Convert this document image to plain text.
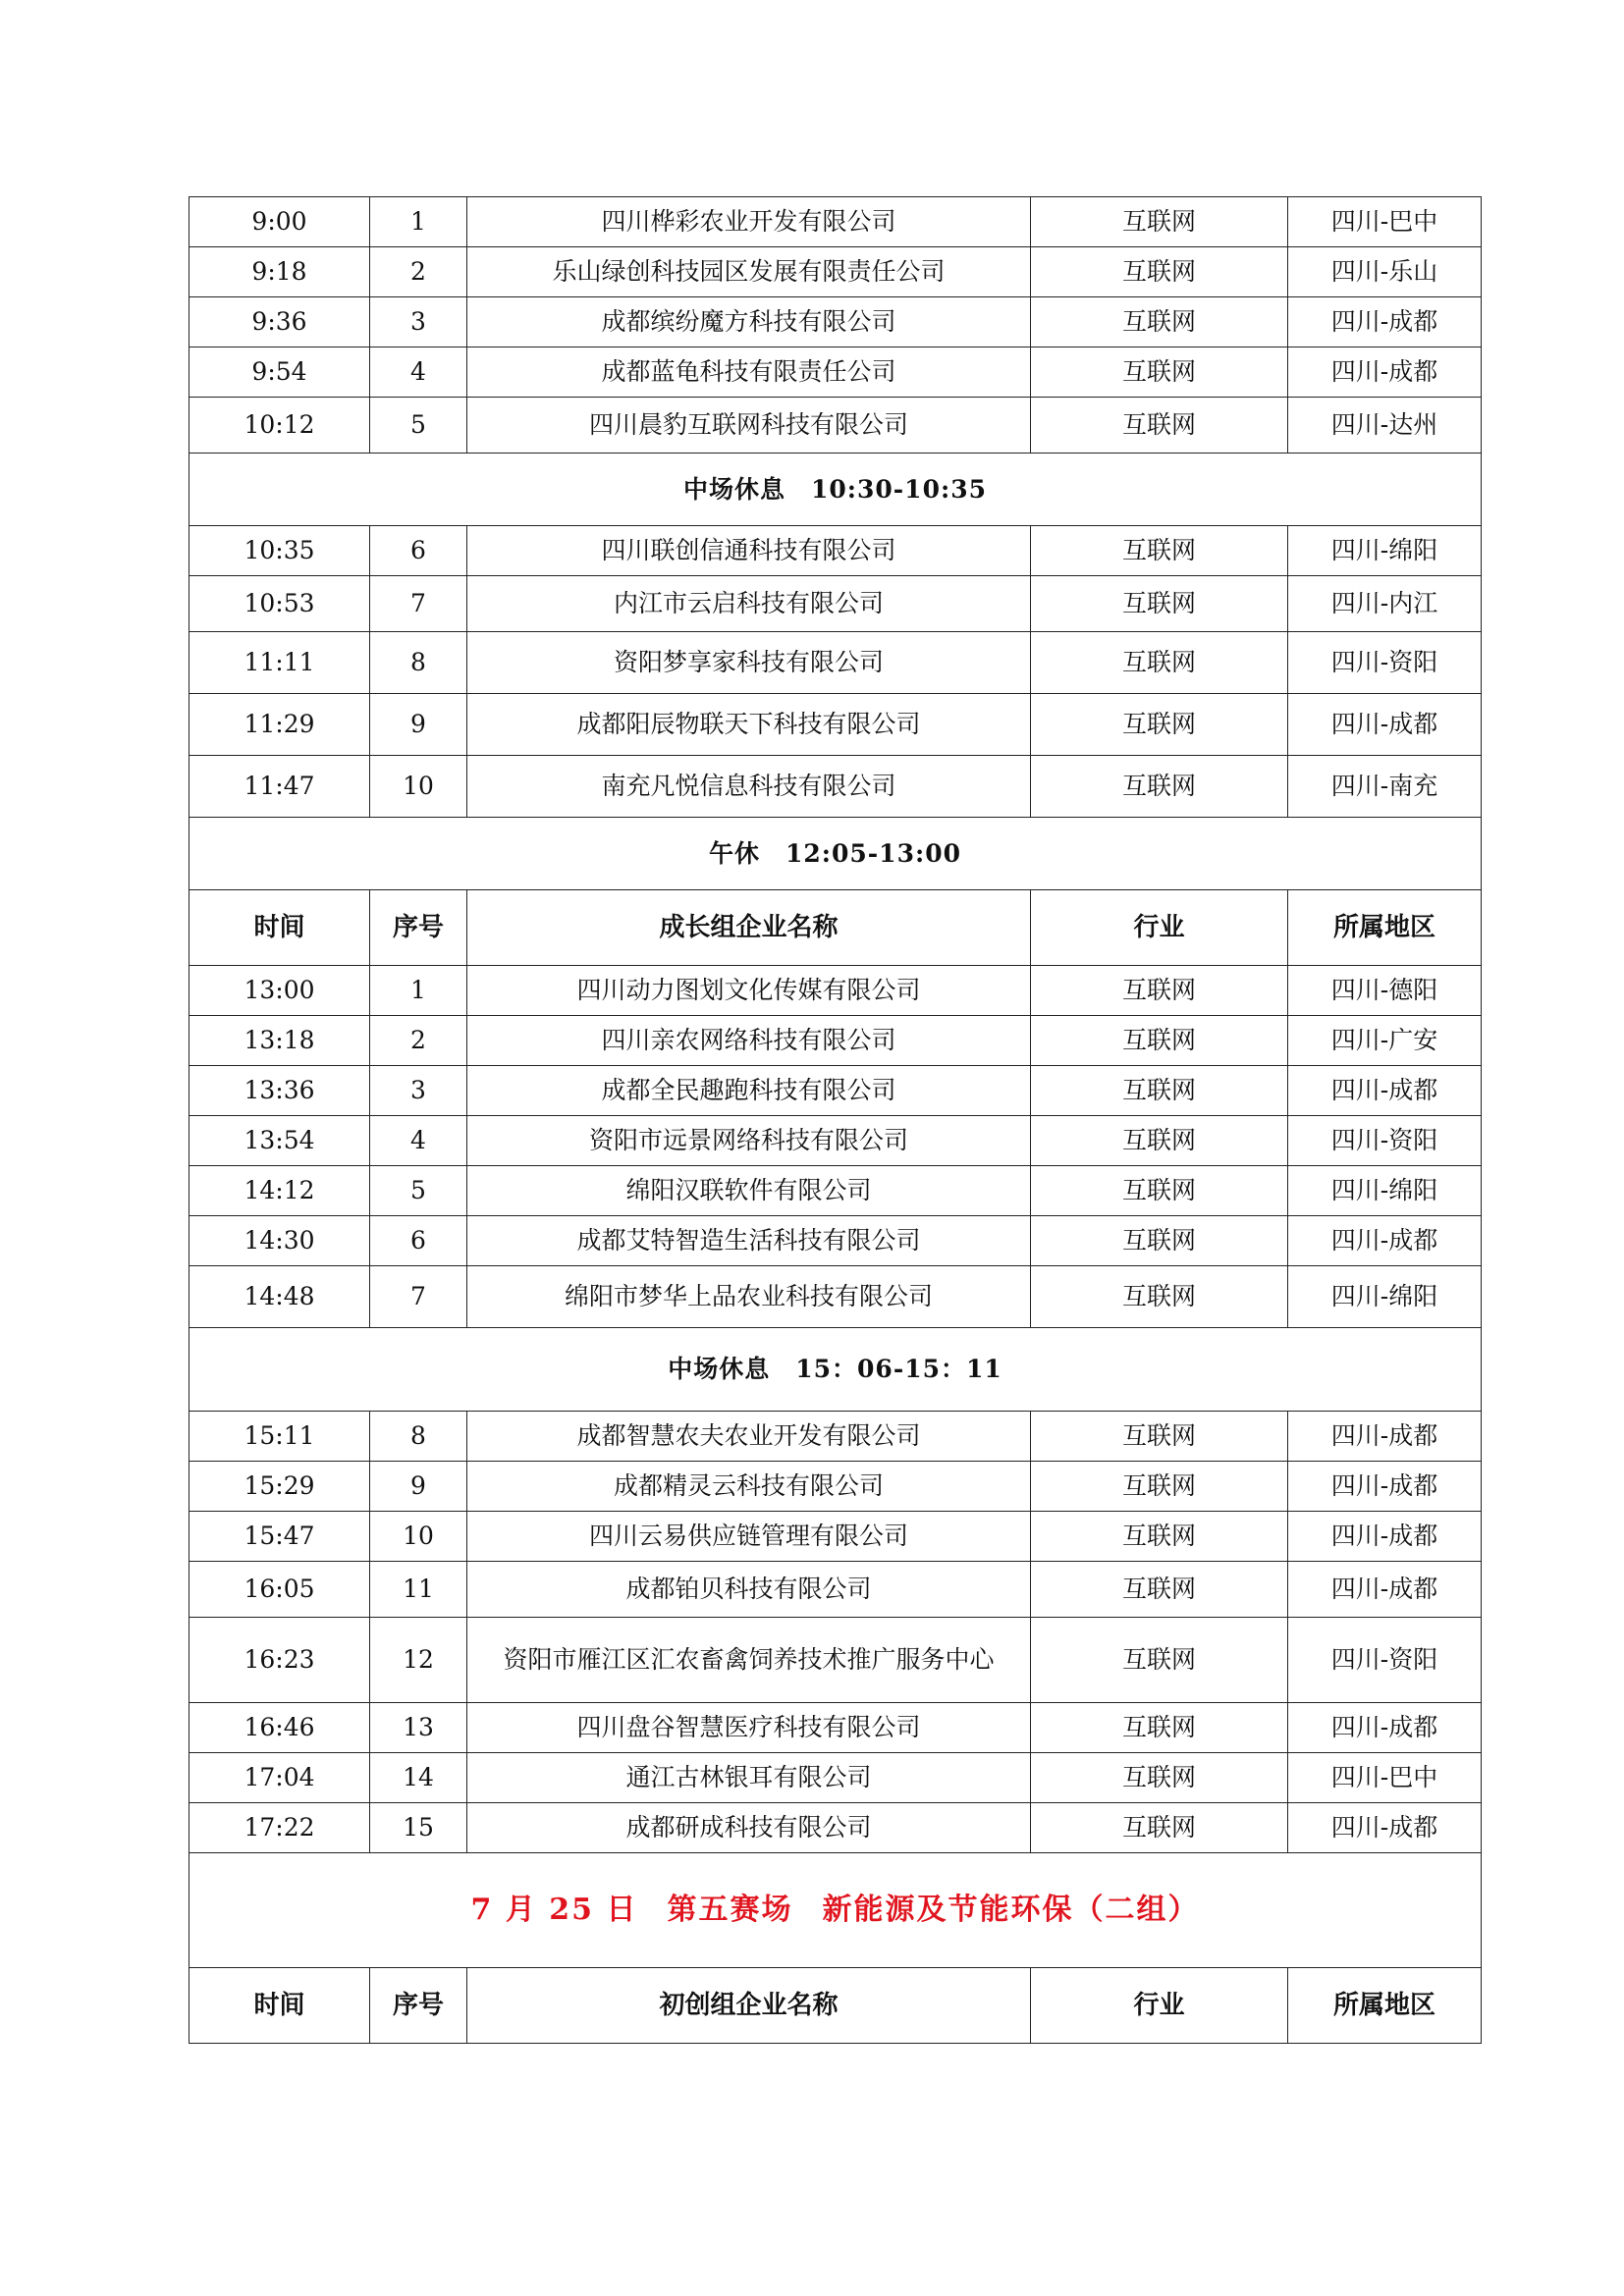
9:00	1	四川桦彩农业开发有限公司	互联网	四川-巴中
9:18	2	乐山绿创科技园区发展有限责任公司	互联网	四川-乐山
9:36	3	成都缤纷魔方科技有限公司	互联网	四川-成都
9:54	4	成都蓝龟科技有限责任公司	互联网	四川-成都
10:12	5	四川晨豹互联网科技有限公司	互联网	四川-达州
中场休息 10:30-10:35				
10:35	6	四川联创信通科技有限公司	互联网	四川-绵阳
10:53	7	内江市云启科技有限公司	互联网	四川-内江
11:11	8	资阳梦享家科技有限公司	互联网	四川-资阳
11:29	9	成都阳辰物联天下科技有限公司	互联网	四川-成都
11:47	10	南充凡悦信息科技有限公司	互联网	四川-南充
午休 12:05-13:00				
时间	序号	成长组企业名称	行业	所属地区
13:00	1	四川动力图划文化传媒有限公司	互联网	四川-德阳
13:18	2	四川亲农网络科技有限公司	互联网	四川-广安
13:36	3	成都全民趣跑科技有限公司	互联网	四川-成都
13:54	4	资阳市远景网络科技有限公司	互联网	四川-资阳
14:12	5	绵阳汉联软件有限公司	互联网	四川-绵阳
14:30	6	成都艾特智造生活科技有限公司	互联网	四川-成都
14:48	7	绵阳市梦华上品农业科技有限公司	互联网	四川-绵阳
中场休息 15：06-15：11				
15:11	8	成都智慧农夫农业开发有限公司	互联网	四川-成都
15:29	9	成都精灵云科技有限公司	互联网	四川-成都
15:47	10	四川云易供应链管理有限公司	互联网	四川-成都
16:05	11	成都铂贝科技有限公司	互联网	四川-成都
16:23	12	资阳市雁江区汇农畜禽饲养技术推广服务中心	互联网	四川-资阳
16:46	13	四川盘谷智慧医疗科技有限公司	互联网	四川-成都
17:04	14	通江古林银耳有限公司	互联网	四川-巴中
17:22	15	成都研成科技有限公司	互联网	四川-成都
7 月 25 日 第五赛场 新能源及节能环保（二组）				
时间	序号	初创组企业名称	行业	所属地区
